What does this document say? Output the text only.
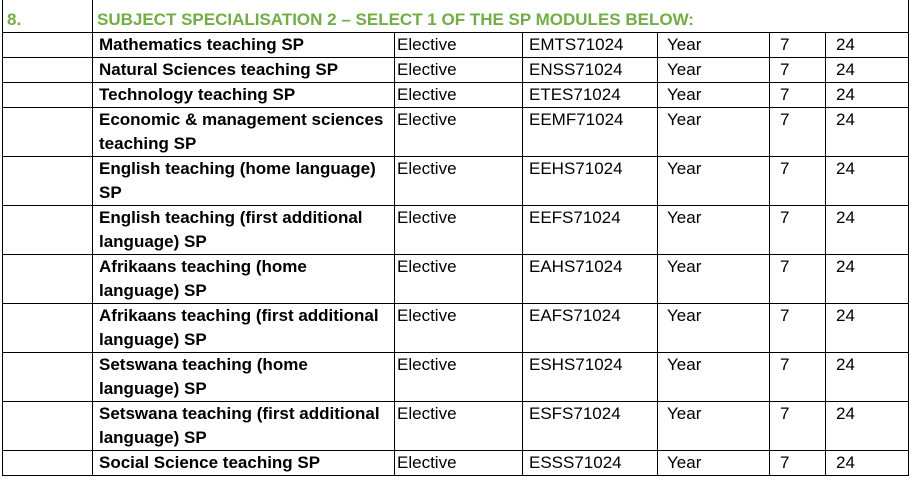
8.	SUBJECT SPECIALISATION 2 – SELECT 1 OF THE SP MODULES BELOW:					
	Mathematics teaching SP	Elective	EMTS71024	Year	7	24
	Natural Sciences teaching SP	Elective	ENSS71024	Year	7	24
	Technology teaching SP	Elective	ETES71024	Year	7	24
	Economic & management sciences teaching SP	Elective	EEMF71024	Year	7	24
	English teaching (home language) SP	Elective	EEHS71024	Year	7	24
	English teaching (first additional language) SP	Elective	EEFS71024	Year	7	24
	Afrikaans teaching (home language) SP	Elective	EAHS71024	Year	7	24
	Afrikaans teaching (first additional language) SP	Elective	EAFS71024	Year	7	24
	Setswana teaching (home language) SP	Elective	ESHS71024	Year	7	24
	Setswana teaching (first additional language) SP	Elective	ESFS71024	Year	7	24
	Social Science teaching SP	Elective	ESSS71024	Year	7	24
